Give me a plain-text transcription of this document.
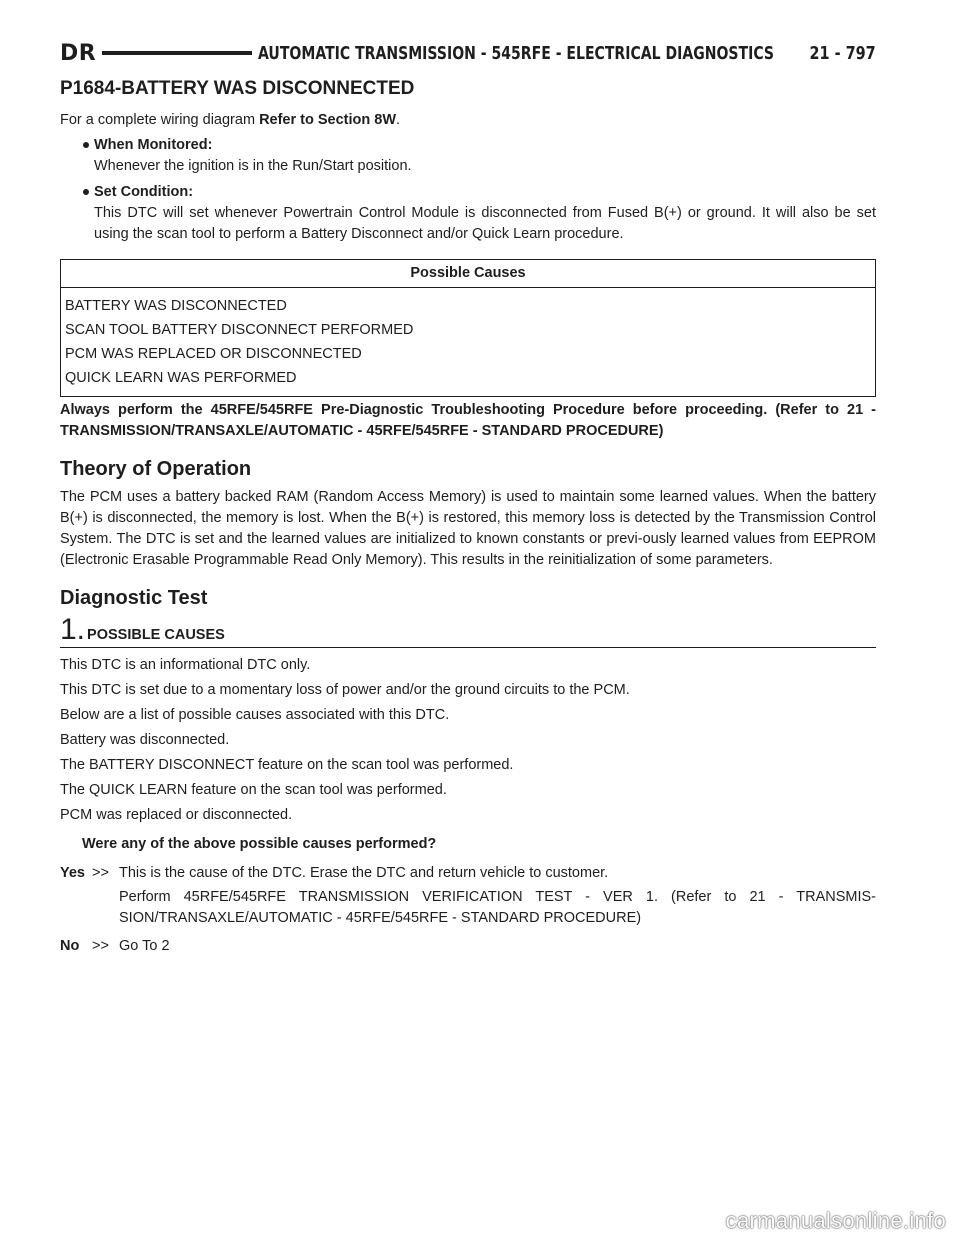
DR	AUTOMATIC TRANSMISSION - 545RFE - ELECTRICAL DIAGNOSTICS 21 - 797
P1684-BATTERY WAS DISCONNECTED

For a complete wiring diagram Refer to Section 8W.

When Monitored:
Whenever the ignition is in the Run/Start position.
Set Condition:
This DTC will set whenever Powertrain Control Module is disconnected from Fused B(+) or ground. It will also be set using the scan tool to perform a Battery Disconnect and/or Quick Learn procedure.
Possible Causes
BATTERY WAS DISCONNECTED
SCAN TOOL BATTERY DISCONNECT PERFORMED
PCM WAS REPLACED OR DISCONNECTED
QUICK LEARN WAS PERFORMED

Always perform the 45RFE/545RFE Pre-Diagnostic Troubleshooting Procedure before proceeding. (Refer to 21 - TRANSMISSION/TRANSAXLE/AUTOMATIC - 45RFE/545RFE - STANDARD PROCEDURE)

Theory of Operation

The PCM uses a battery backed RAM (Random Access Memory) is used to maintain some learned values. When the battery B(+) is disconnected, the memory is lost. When the B(+) is restored, this memory loss is detected by the Transmission Control System. The DTC is set and the learned values are initialized to known constants or previ-ously learned values from EEPROM (Electronic Erasable Programmable Read Only Memory). This results in the reinitialization of some parameters.

Diagnostic Test
1. POSSIBLE CAUSES

This DTC is an informational DTC only.

This DTC is set due to a momentary loss of power and/or the ground circuits to the PCM.

Below are a list of possible causes associated with this DTC.

Battery was disconnected.

The BATTERY DISCONNECT feature on the scan tool was performed.

The QUICK LEARN feature on the scan tool was performed.

PCM was replaced or disconnected.

Were any of the above possible causes performed?

Yes >> This is the cause of the DTC. Erase the DTC and return vehicle to customer.

Perform 45RFE/545RFE TRANSMISSION VERIFICATION TEST - VER 1. (Refer to 21 - TRANSMIS-SION/TRANSAXLE/AUTOMATIC - 45RFE/545RFE - STANDARD PROCEDURE)

No >> Go To 2

carmanualsonline.info
